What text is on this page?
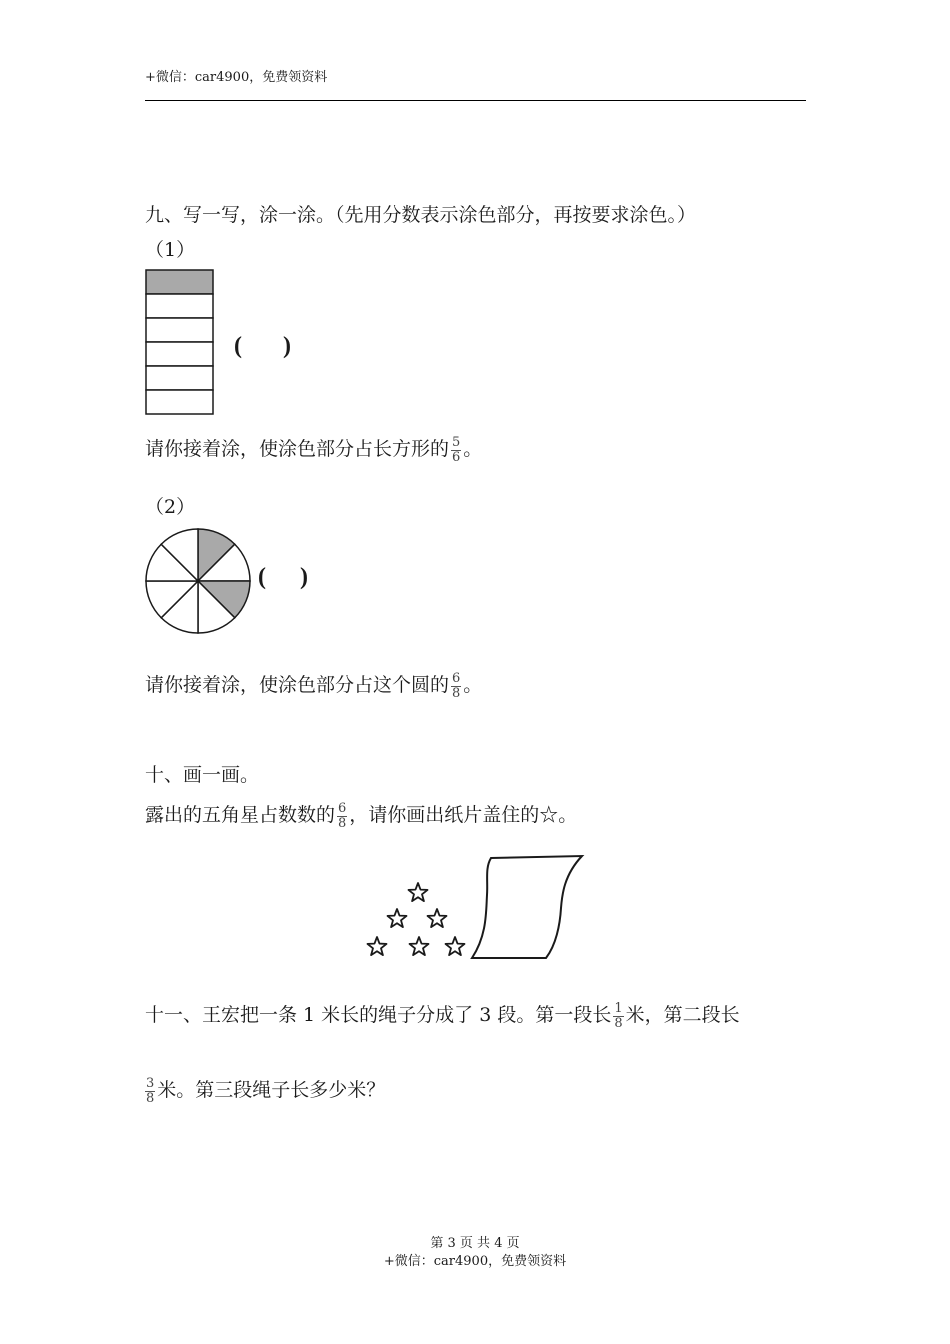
+微信：car4900，免费领资料
九、写一写，涂一涂。（先用分数表示涂色部分，再按要求涂色。）
（1）
( )
请你接着涂，使涂色部分占长方形的 $\frac{5}{6}$ 。
（2）
( )
请你接着涂，使涂色部分占这个圆的 $\frac{6}{8}$ 。
十、画一画。
露出的五角星占数数的 $\frac{6}{8}$ ，请你画出纸片盖住的☆。
十一、王宏把一条 1 米长的绳子分成了 3 段。第一段长 $\frac{1}{8}$ 米，第二段长
$\frac{3}{8}$ 米。第三段绳子长多少米？
第 3 页 共 4 页
+微信：car4900，免费领资料
